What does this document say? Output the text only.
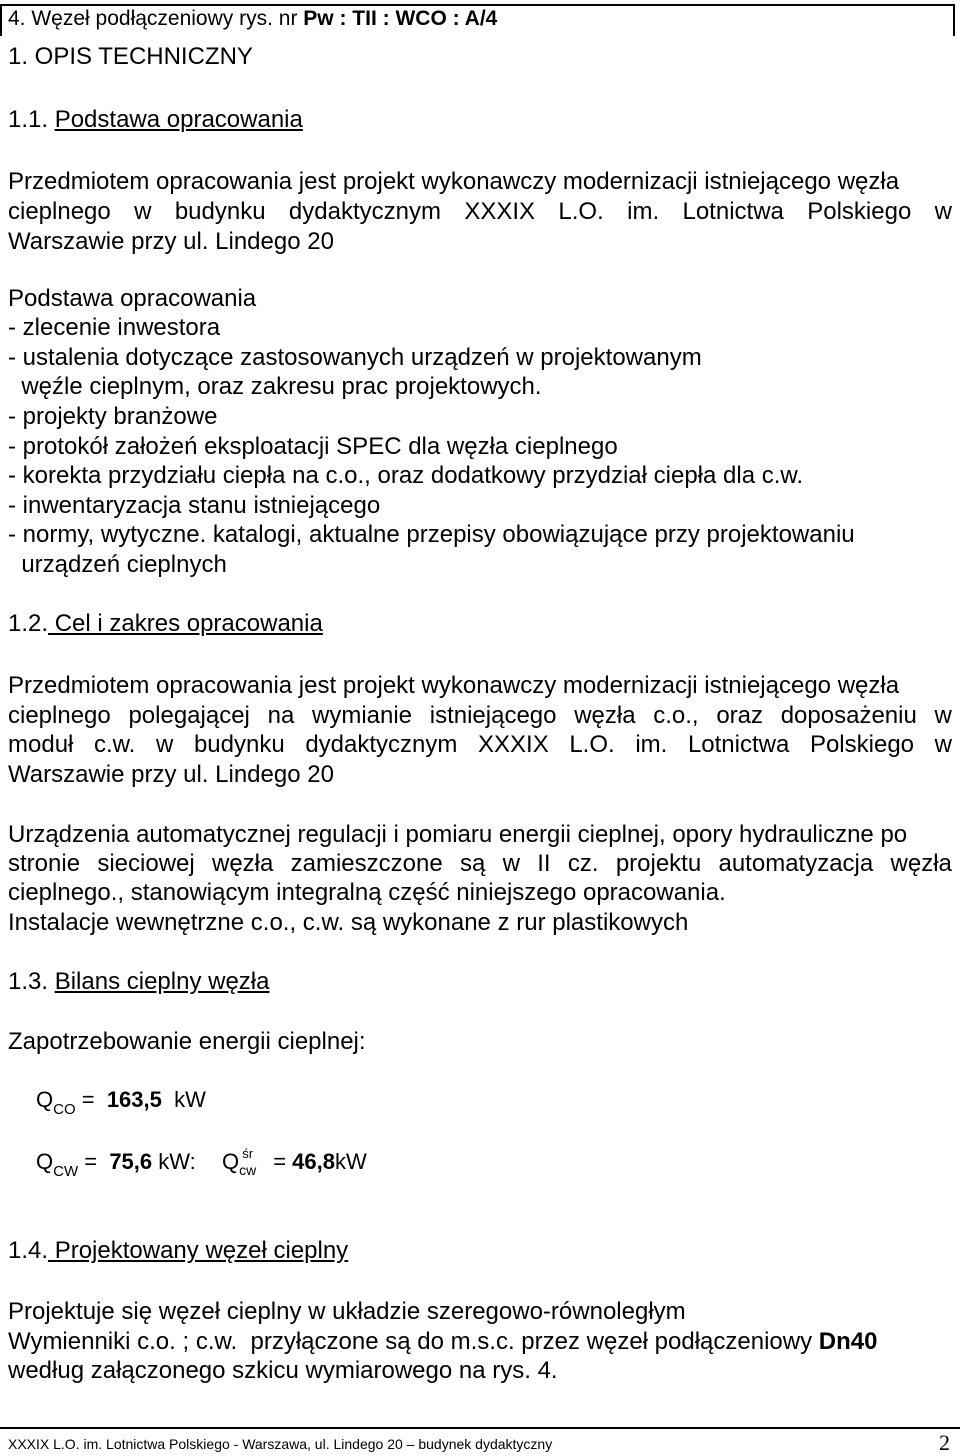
4. Węzeł podłączeniowy rys. nr Pw : TII : WCO : A/4
1. OPIS TECHNICZNY
1.1. Podstawa opracowania
Przedmiotem opracowania jest projekt wykonawczy modernizacji istniejącego węzła
cieplnego w budynku dydaktycznym XXXIX L.O. im. Lotnictwa Polskiego w
Warszawie przy ul. Lindego 20
Podstawa opracowania
- zlecenie inwestora
- ustalenia dotyczące zastosowanych urządzeń w projektowanym
węźle cieplnym, oraz zakresu prac projektowych.
- projekty branżowe
- protokół założeń eksploatacji SPEC dla węzła cieplnego
- korekta przydziału ciepła na c.o., oraz dodatkowy przydział ciepła dla c.w.
- inwentaryzacja stanu istniejącego
- normy, wytyczne. katalogi, aktualne przepisy obowiązujące przy projektowaniu
urządzeń cieplnych
1.2. Cel i zakres opracowania
Przedmiotem opracowania jest projekt wykonawczy modernizacji istniejącego węzła
cieplnego polegającej na wymianie istniejącego węzła c.o., oraz doposażeniu w
moduł c.w. w budynku dydaktycznym XXXIX L.O. im. Lotnictwa Polskiego w
Warszawie przy ul. Lindego 20
Urządzenia automatycznej regulacji i pomiaru energii cieplnej, opory hydrauliczne po
stronie sieciowej węzła zamieszczone są w II cz. projektu automatyzacja węzła
cieplnego., stanowiącym integralną część niniejszego opracowania.
Instalacje wewnętrzne c.o., c.w. są wykonane z rur plastikowych
1.3. Bilans cieplny węzła
Zapotrzebowanie energii cieplnej:
$Q_{CO} = 163,5$  kW
$Q_{CW} = 75,6$ kW: $Q_{cw}^{śr} = 46,8kW$
1.4. Projektowany węzeł cieplny
Projektuje się węzeł cieplny w układzie szeregowo-równoległym
Wymienniki c.o. ; c.w.  przyłączone są do m.s.c. przez węzeł podłączeniowy Dn40
według załączonego szkicu wymiarowego na rys. 4.
XXXIX L.O. im. Lotnictwa Polskiego - Warszawa, ul. Lindego 20 – budynek dydaktyczny	2
